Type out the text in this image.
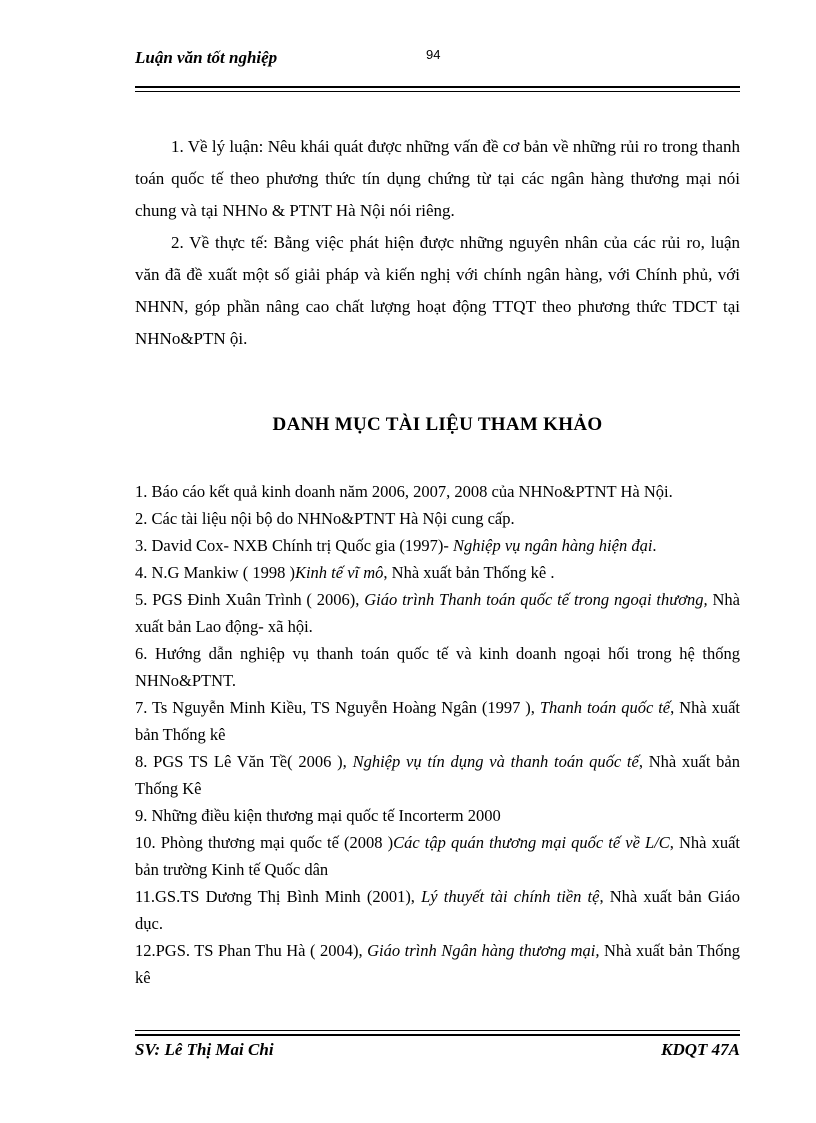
Luận văn tốt nghiệp	94

1. Về lý luận: Nêu khái quát được những vấn đề cơ bản về những rủi ro trong thanh toán quốc tế theo phương thức tín dụng chứng từ tại các ngân hàng thương mại nói chung và tại NHNo & PTNT Hà Nội nói riêng.

2. Về thực tế: Bằng việc phát hiện được những nguyên nhân của các rủi ro, luận văn đã đề xuất một số giải pháp và kiến nghị với chính ngân hàng, với Chính phủ, với NHNN, góp phần nâng cao chất lượng hoạt động TTQT theo phương thức TDCT tại NHNo&PTN ội.

DANH MỤC TÀI LIỆU THAM KHẢO
1. Báo cáo kết quả kinh doanh năm 2006, 2007, 2008 của NHNo&PTNT Hà Nội.
2. Các tài liệu nội bộ do NHNo&PTNT Hà Nội cung cấp.
3. David Cox- NXB Chính trị Quốc gia (1997)- Nghiệp vụ ngân hàng hiện đại.
4. N.G Mankiw ( 1998 )Kinh tế vĩ mô, Nhà xuất bản Thống kê .
5. PGS Đinh Xuân Trình ( 2006), Giáo trình Thanh toán quốc tế trong ngoại thương, Nhà xuất bản Lao động- xã hội.
6. Hướng dẫn nghiệp vụ thanh toán quốc tế và kinh doanh ngoại hối trong hệ thống NHNo&PTNT.
7. Ts Nguyễn Minh Kiều, TS Nguyễn Hoàng Ngân (1997 ), Thanh toán quốc tế, Nhà xuất bản Thống kê
8. PGS TS Lê Văn Tề( 2006 ), Nghiệp vụ tín dụng và thanh toán quốc tế, Nhà xuất bản Thống Kê
9. Những điều kiện thương mại quốc tế Incorterm 2000
10. Phòng thương mại quốc tế (2008 )Các tập quán thương mại quốc tế về L/C, Nhà xuất bản trường Kinh tế Quốc dân
11.GS.TS Dương Thị Bình Minh (2001), Lý thuyết tài chính tiền tệ, Nhà xuất bản Giáo dục.
12.PGS. TS Phan Thu Hà ( 2004), Giáo trình Ngân hàng thương mại, Nhà xuất bản Thống kê
SV: Lê Thị Mai Chi	KDQT 47A
